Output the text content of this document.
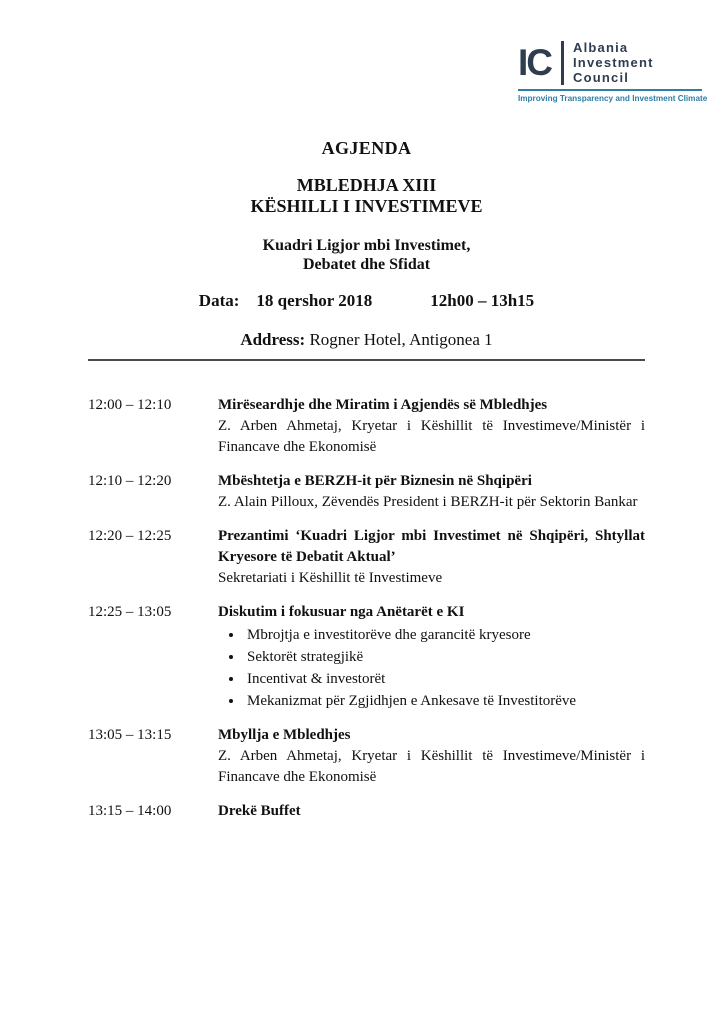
IC Albania
Investment
Council
Improving Transparency and Investment Climate
AGJENDA
MBLEDHJA XIII
KËSHILLI I INVESTIMEVE
Kuadri Ligjor mbi Investimet,
Debatet dhe Sfidat
Data: 18 qershor 2018	12h00 – 13h15
Address: Rogner Hotel, Antigonea 1
12:00 – 12:10	Mirëseardhje dhe Miratim i Agjendës së Mbledhjes
Z. Arben Ahmetaj, Kryetar i Këshillit të Investimeve/Ministër i Financave dhe Ekonomisë
12:10 – 12:20	Mbështetja e BERZH-it për Biznesin në Shqipëri
Z. Alain Pilloux, Zëvendës President i BERZH-it për Sektorin Bankar
12:20 – 12:25	Prezantimi ‘Kuadri Ligjor mbi Investimet në Shqipëri, Shtyllat Kryesore të Debatit Aktual’
Sekretariati i Këshillit të Investimeve
12:25 – 13:05	Diskutim i fokusuar nga Anëtarët e KI
• Mbrojtja e investitorëve dhe garancitë kryesore
• Sektorët strategjikë
• Incentivat & investorët
• Mekanizmat për Zgjidhjen e Ankesave të Investitorëve
13:05 – 13:15	Mbyllja e Mbledhjes
Z. Arben Ahmetaj, Kryetar i Këshillit të Investimeve/Ministër i Financave dhe Ekonomisë
13:15 – 14:00	Drekë Buffet
